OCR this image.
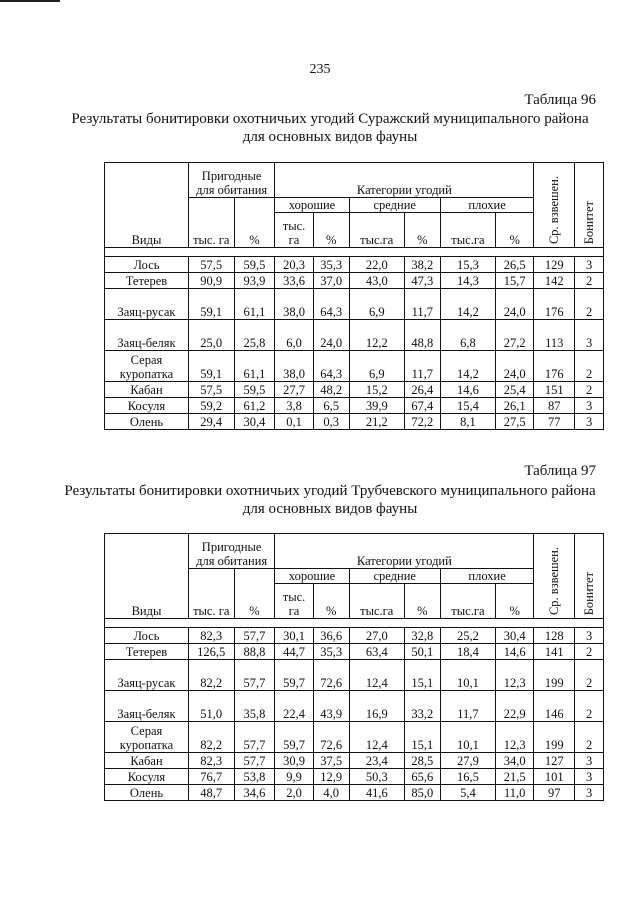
235
Таблица 96
Результаты бонитировки охотничьих угодий Суражский муниципального района для основных видов фауны
Виды	Пригодные для обитания		Категории угодий						Ср. взвешен.	Бонитет
	тыс. га	%	хорошие		средние		плохие			
			тыс. га	%	тыс.га	%	тыс.га	%		

Лось	57,5	59,5	20,3	35,3	22,0	38,2	15,3	26,5	129	3
Тетерев	90,9	93,9	33,6	37,0	43,0	47,3	14,3	15,7	142	2
Заяц-русак	59,1	61,1	38,0	64,3	6,9	11,7	14,2	24,0	176	2
Заяц-беляк	25,0	25,8	6,0	24,0	12,2	48,8	6,8	27,2	113	3
Серая куропатка	59,1	61,1	38,0	64,3	6,9	11,7	14,2	24,0	176	2
Кабан	57,5	59,5	27,7	48,2	15,2	26,4	14,6	25,4	151	2
Косуля	59,2	61,2	3,8	6,5	39,9	67,4	15,4	26,1	87	3
Олень	29,4	30,4	0,1	0,3	21,2	72,2	8,1	27,5	77	3
Таблица 97
Результаты бонитировки охотничьих угодий Трубчевского муниципального района для основных видов фауны
Виды	Пригодные для обитания		Категории угодий						Ср. взвешен.	Бонитет
	тыс. га	%	хорошие		средние		плохие			
			тыс. га	%	тыс.га	%	тыс.га	%		

Лось	82,3	57,7	30,1	36,6	27,0	32,8	25,2	30,4	128	3
Тетерев	126,5	88,8	44,7	35,3	63,4	50,1	18,4	14,6	141	2
Заяц-русак	82,2	57,7	59,7	72,6	12,4	15,1	10,1	12,3	199	2
Заяц-беляк	51,0	35,8	22,4	43,9	16,9	33,2	11,7	22,9	146	2
Серая куропатка	82,2	57,7	59,7	72,6	12,4	15,1	10,1	12,3	199	2
Кабан	82,3	57,7	30,9	37,5	23,4	28,5	27,9	34,0	127	3
Косуля	76,7	53,8	9,9	12,9	50,3	65,6	16,5	21,5	101	3
Олень	48,7	34,6	2,0	4,0	41,6	85,0	5,4	11,0	97	3
